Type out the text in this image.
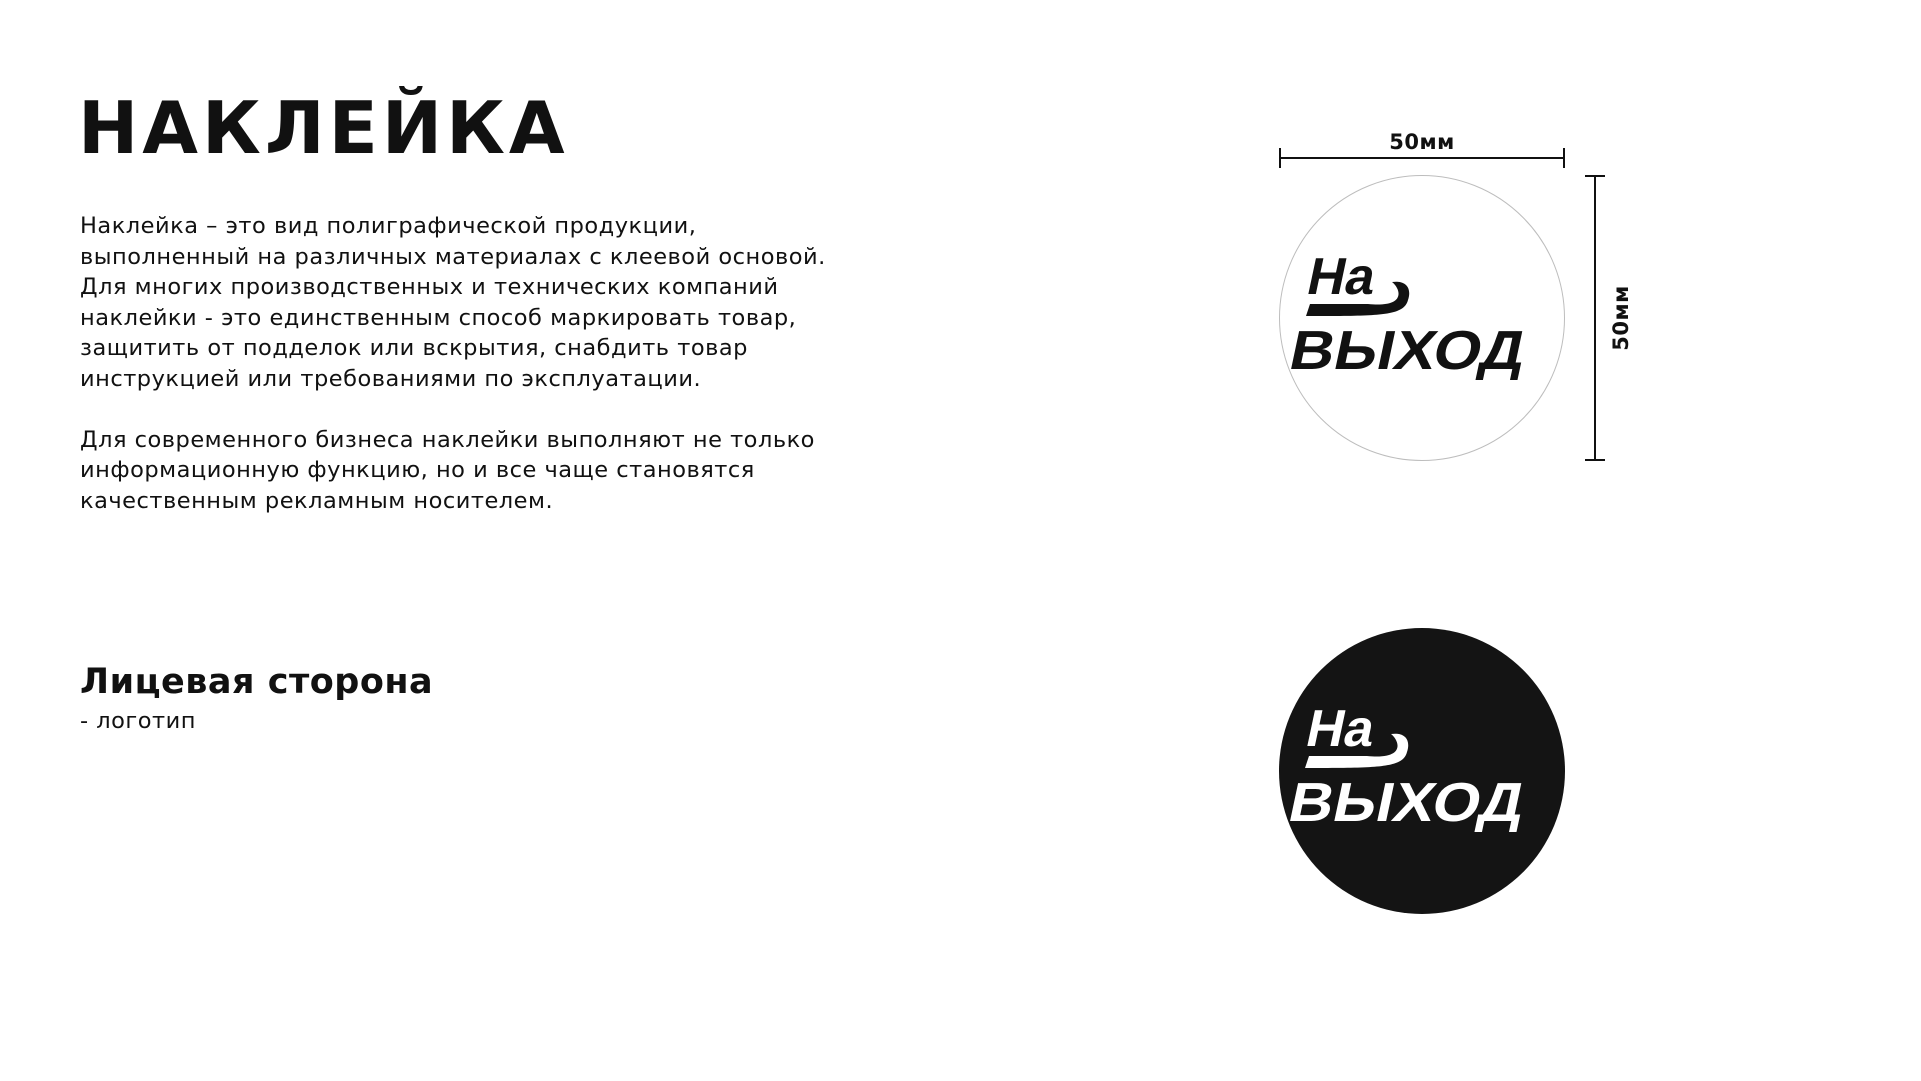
НАКЛЕЙКА

Наклейка – это вид полиграфической продукции,
выполненный на различных материалах с клеевой основой.
Для многих производственных и технических компаний
наклейки - это единственным способ маркировать товар,
защитить от подделок или вскрытия, снабдить товар
инструкцией или требованиями по эксплуатации.

Для современного бизнеса наклейки выполняют не только
информационную функцию, но и все чаще становятся
качественным рекламным носителем.

Лицевая сторона
- логотип
50мм
На
ВЫХОД	50мм
На
ВЫХОД
